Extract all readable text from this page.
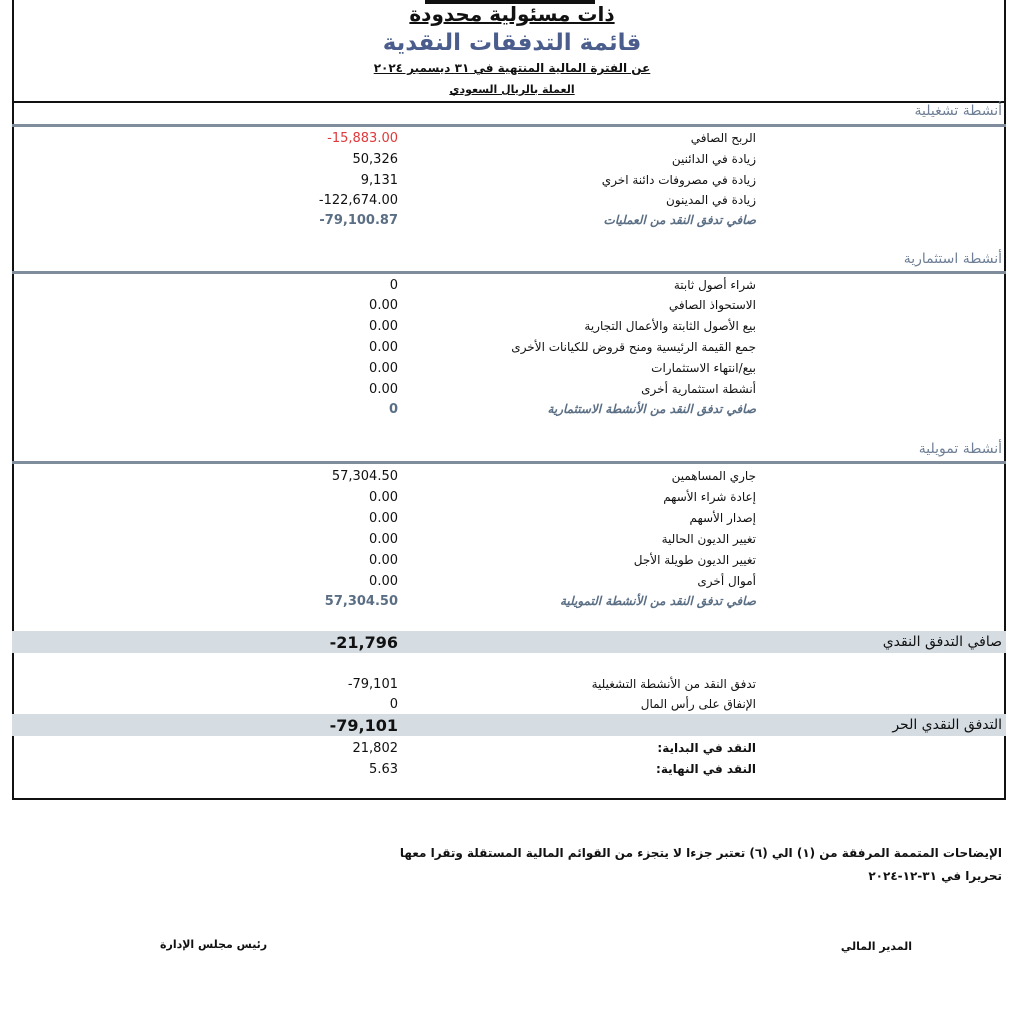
ذات مسئولية محدودة
قائمة التدفقات النقدية
عن الفترة المالية المنتهية في ٣١ ديسمبر ٢٠٢٤
العملة بالريال السعودي
أنشطة تشغيلية
الربح الصافي
-15,883.00
زيادة في الدائنين
50,326
زيادة في مصروفات دائنة اخري
9,131
زيادة في المدينون
-122,674.00
صافي تدفق النقد من العمليات
-79,100.87
أنشطة استثمارية
شراء أصول ثابتة
0
الاستحواذ الصافي
0.00
بيع الأصول الثابتة والأعمال التجارية
0.00
جمع القيمة الرئيسية ومنح قروض للكيانات الأخرى
0.00
بيع/انتهاء الاستثمارات
0.00
أنشطة استثمارية أخرى
0.00
صافي تدفق النقد من الأنشطة الاستثمارية
0
أنشطة تمويلية
جاري المساهمين
57,304.50
إعادة شراء الأسهم
0.00
إصدار الأسهم
0.00
تغيير الديون الحالية
0.00
تغيير الديون طويلة الأجل
0.00
أموال أخرى
0.00
صافي تدفق النقد من الأنشطة التمويلية
57,304.50
صافي التدفق النقدي
-21,796
تدفق النقد من الأنشطة التشغيلية
-79,101
الإنفاق على رأس المال
0
التدفق النقدي الحر
-79,101
النقد في البداية:
21,802
النقد في النهاية:
5.63
الإيضاحات المتممة المرفقة من (١) الي (٦) تعتبر جزءا لا يتجزء من القوائم المالية المستقلة وتقرا معها
تحريرا في ٣١-١٢-٢٠٢٤
المدير المالي
رئيس مجلس الإدارة
